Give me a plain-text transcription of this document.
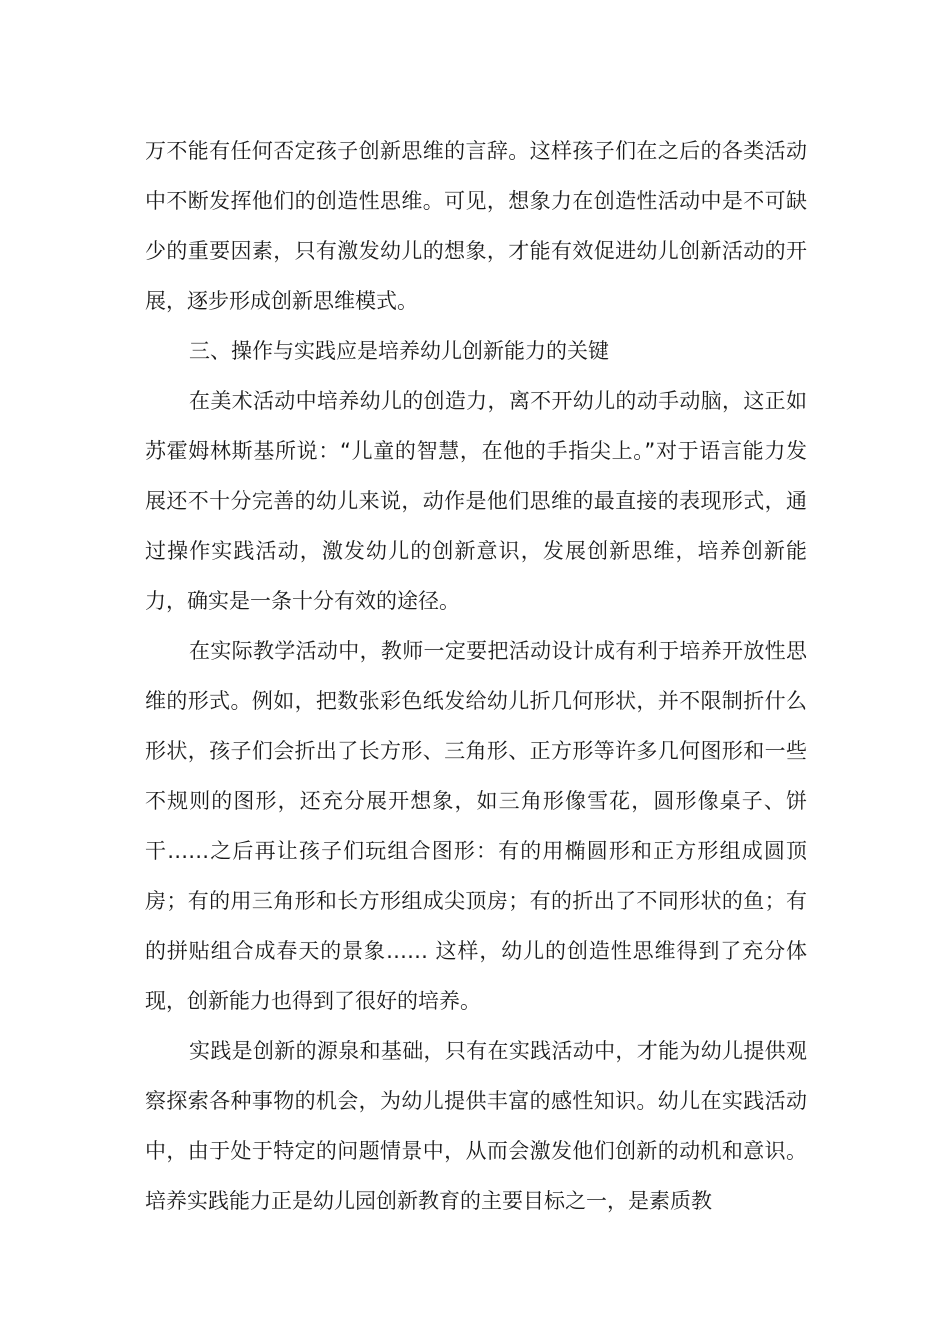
万不能有任何否定孩子创新思维的言辞。这样孩子们在之后的各类活动中不断发挥他们的创造性思维。可见，想象力在创造性活动中是不可缺少的重要因素，只有激发幼儿的想象，才能有效促进幼儿创新活动的开展，逐步形成创新思维模式。

三、操作与实践应是培养幼儿创新能力的关键

在美术活动中培养幼儿的创造力，离不开幼儿的动手动脑，这正如苏霍姆林斯基所说：“儿童的智慧，在他的手指尖上。”对于语言能力发展还不十分完善的幼儿来说，动作是他们思维的最直接的表现形式，通过操作实践活动，激发幼儿的创新意识，发展创新思维，培养创新能力，确实是一条十分有效的途径。

在实际教学活动中，教师一定要把活动设计成有利于培养开放性思维的形式。例如，把数张彩色纸发给幼儿折几何形状，并不限制折什么形状，孩子们会折出了长方形、三角形、正方形等许多几何图形和一些不规则的图形，还充分展开想象，如三角形像雪花，圆形像桌子、饼干……之后再让孩子们玩组合图形：有的用椭圆形和正方形组成圆顶房；有的用三角形和长方形组成尖顶房；有的折出了不同形状的鱼；有的拼贴组合成春天的景象…… 这样，幼儿的创造性思维得到了充分体现，创新能力也得到了很好的培养。

实践是创新的源泉和基础，只有在实践活动中，才能为幼儿提供观察探索各种事物的机会，为幼儿提供丰富的感性知识。幼儿在实践活动中，由于处于特定的问题情景中，从而会激发他们创新的动机和意识。培养实践能力正是幼儿园创新教育的主要目标之一，是素质教
